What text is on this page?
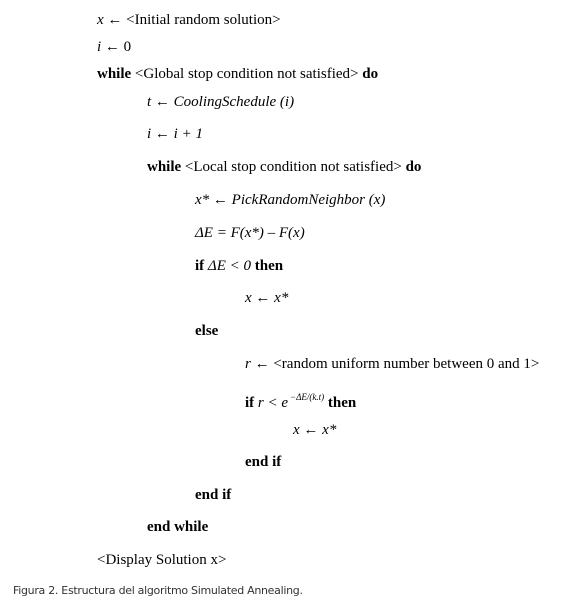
x ← <Initial random solution>
i ← 0
while <Global stop condition not satisfied> do
t ← CoolingSchedule (i)
i ← i + 1
while <Local stop condition not satisfied> do
x* ← PickRandomNeighbor (x)
ΔE = F(x*) – F(x)
if ΔE < 0 then
x ← x*
else
r ← <random uniform number between 0 and 1>
if r < e $^{-\Delta E/(k.t)}$ then
x ← x*
end if
end if
end while
<Display Solution x>
Figura 2. Estructura del algoritmo Simulated Annealing.
